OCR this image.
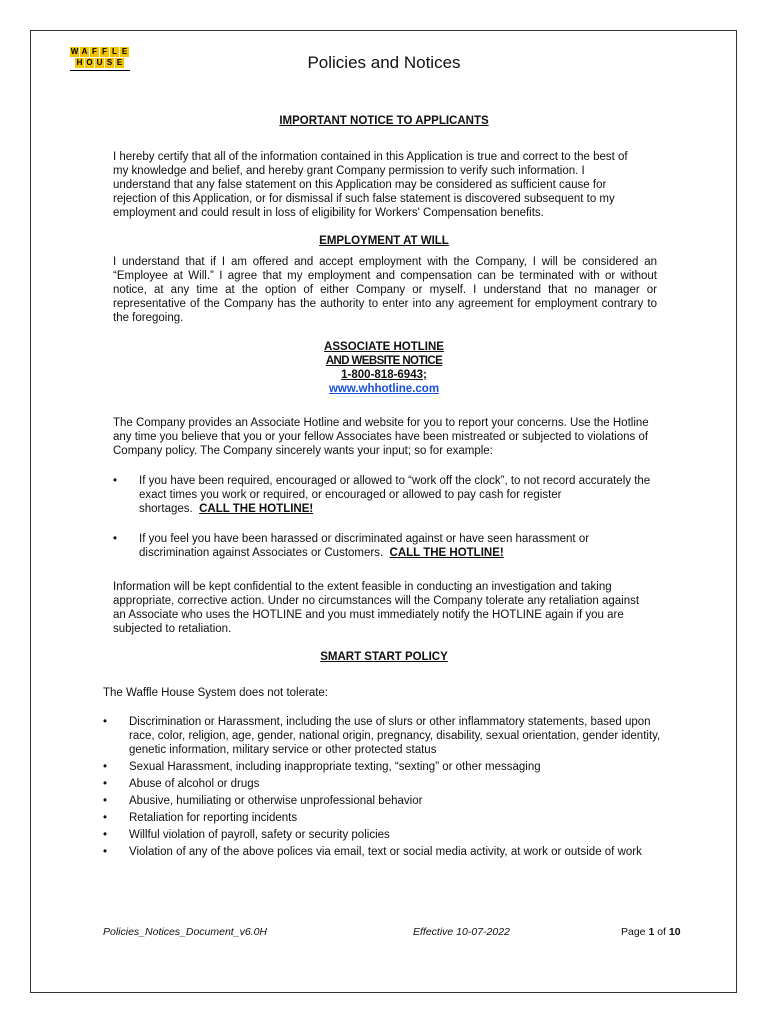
W A F F L E
H O U S E	Policies and Notices
IMPORTANT NOTICE TO APPLICANTS
I hereby certify that all of the information contained in this Application is true and correct to the best of my knowledge and belief, and hereby grant Company permission to verify such information. I understand that any false statement on this Application may be considered as sufficient cause for rejection of this Application, or for dismissal if such false statement is discovered subsequent to my employment and could result in loss of eligibility for Workers' Compensation benefits.
EMPLOYMENT AT WILL
I understand that if I am offered and accept employment with the Company, I will be considered an “Employee at Will.” I agree that my employment and compensation can be terminated with or without notice, at any time at the option of either Company or myself. I understand that no manager or representative of the Company has the authority to enter into any agreement for employment contrary to the foregoing.
ASSOCIATE HOTLINE
AND WEBSITE NOTICE
1-800-818-6943;
www.whhotline.com
The Company provides an Associate Hotline and website for you to report your concerns. Use the Hotline any time you believe that you or your fellow Associates have been mistreated or subjected to violations of Company policy. The Company sincerely wants your input; so for example:
• If you have been required, encouraged or allowed to “work off the clock”, to not record accurately the exact times you work or required, or encouraged or allowed to pay cash for register shortages. CALL THE HOTLINE!
• If you feel you have been harassed or discriminated against or have seen harassment or discrimination against Associates or Customers. CALL THE HOTLINE!
Information will be kept confidential to the extent feasible in conducting an investigation and taking appropriate, corrective action. Under no circumstances will the Company tolerate any retaliation against an Associate who uses the HOTLINE and you must immediately notify the HOTLINE again if you are subjected to retaliation.
SMART START POLICY
The Waffle House System does not tolerate:
• Discrimination or Harassment, including the use of slurs or other inflammatory statements, based upon race, color, religion, age, gender, national origin, pregnancy, disability, sexual orientation, gender identity, genetic information, military service or other protected status
• Sexual Harassment, including inappropriate texting, “sexting” or other messaging
• Abuse of alcohol or drugs
• Abusive, humiliating or otherwise unprofessional behavior
• Retaliation for reporting incidents
• Willful violation of payroll, safety or security policies
• Violation of any of the above polices via email, text or social media activity, at work or outside of work
Policies_Notices_Document_v6.0H	Effective 10-07-2022	Page 1 of 10
